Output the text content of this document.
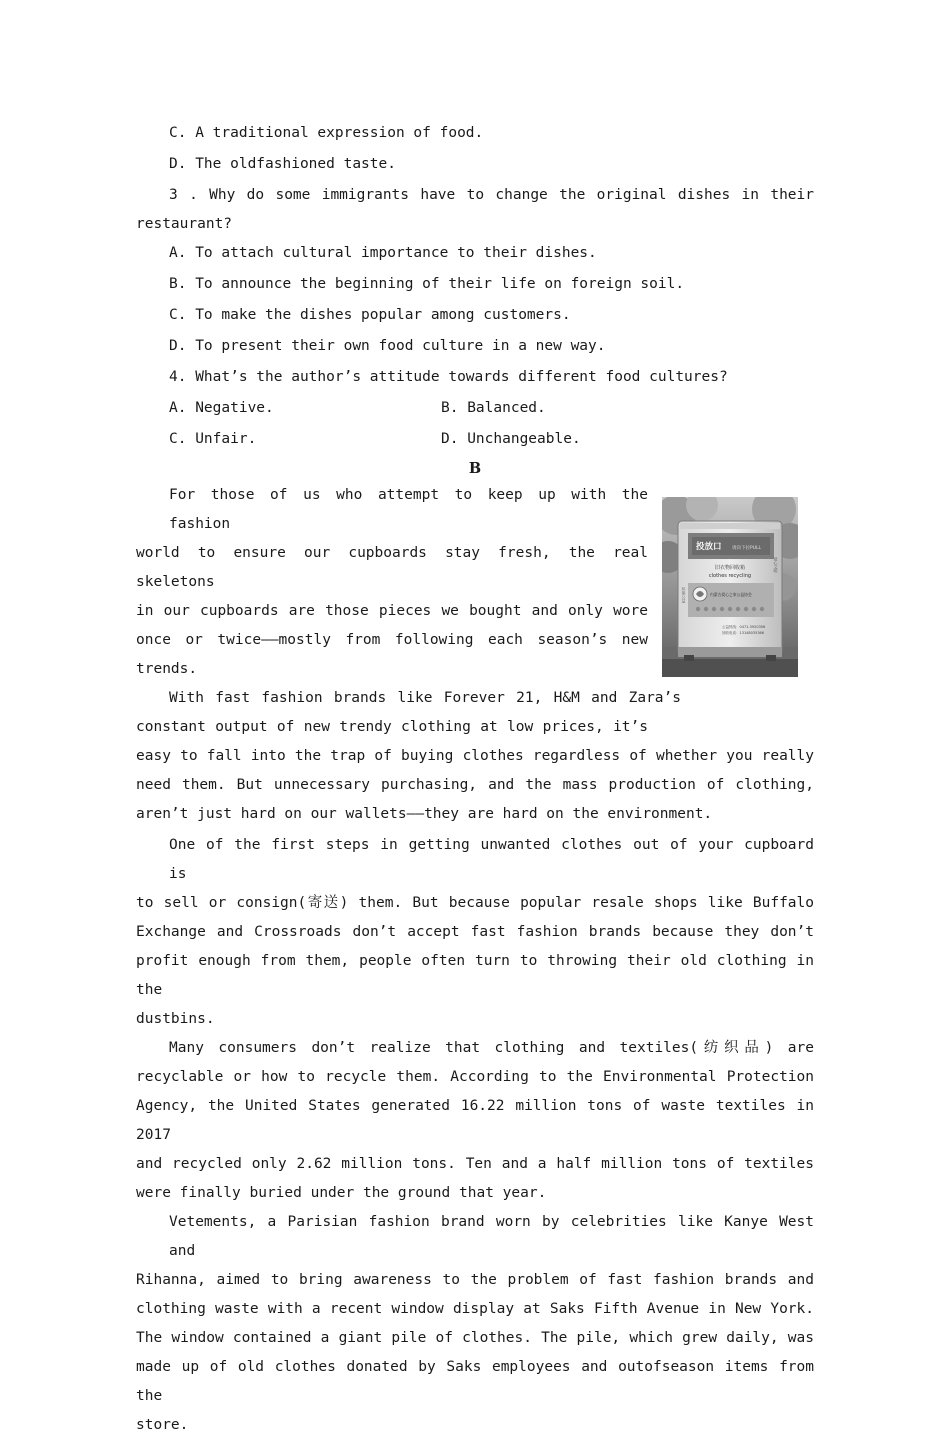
C. A traditional expression of food.

D. The oldfashioned taste.

3 . Why do some immigrants have to change the original dishes in their

restaurant?

A. To attach cultural importance to their dishes.

B. To announce the beginning of their life on foreign soil.

C. To make the dishes popular among customers.

D. To present their own food culture in a new way.

4. What’s the author’s attitude towards different food cultures?

A. Negative.	B. Balanced.
C. Unfair.	D. Unchangeable.

B

For those of us who attempt to keep up with the fashion

world to ensure our cupboards stay fresh, the real skeletons

in our cupboards are those pieces we bought and only wore

once or twice——mostly from following each season’s new

trends.

With fast fashion brands like Forever 21, H&M and Zara’s

constant output of new trendy clothing at low prices, it’s

easy to fall into the trap of buying clothes regardless of whether you really

need them. But unnecessary purchasing, and the mass production of clothing,

aren’t just hard on our wallets——they are hard on the environment.

One of the first steps in getting unwanted clothes out of your cupboard is

to sell or consign(寄送) them. But because popular resale shops like Buffalo

Exchange and Crossroads don’t accept fast fashion brands because they don’t

profit enough from them, people often turn to throwing their old clothing in the

dustbins.

Many consumers don’t realize that clothing and textiles(纺织品) are

recyclable or how to recycle them. According to the Environmental Protection

Agency, the United States generated 16.22 million tons of waste textiles in 2017

and recycled only 2.62 million tons. Ten and a half million tons of textiles

were finally buried under the ground that year.

Vetements, a Parisian fashion brand worn by celebrities like Kanye West and

Rihanna, aimed to bring awareness to the problem of fast fashion brands and

clothing waste with a recent window display at Saks Fifth Avenue in New York.

The window contained a giant pile of clothes. The pile, which grew daily, was

made up of old clothes donated by Saks employees and outofseason items from the

store.

投放口 请向下拉PULL
旧衣物回收箱
clothes recycling
内蒙古爱心之家公益协会
环保公益
爱心文明
公益热线：0471-3920356
回收电话：13148035366
